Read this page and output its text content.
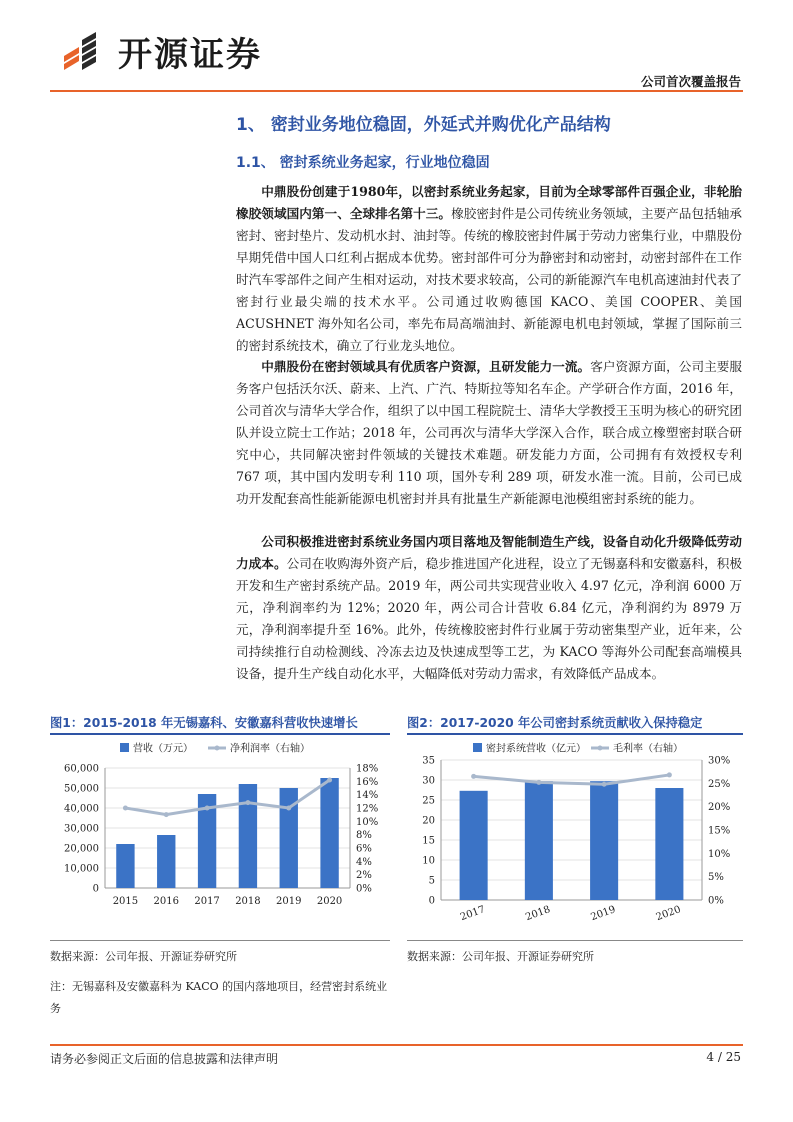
开源证券
公司首次覆盖报告
1、 密封业务地位稳固，外延式并购优化产品结构
1.1、 密封系统业务起家，行业地位稳固
中鼎股份创建于1980年，以密封系统业务起家，目前为全球零部件百强企业，非轮胎橡胶领域国内第一、全球排名第十三。橡胶密封件是公司传统业务领域，主要产品包括轴承密封、密封垫片、发动机水封、油封等。传统的橡胶密封件属于劳动力密集行业，中鼎股份早期凭借中国人口红利占据成本优势。密封部件可分为静密封和动密封，动密封部件在工作时汽车零部件之间产生相对运动，对技术要求较高，公司的新能源汽车电机高速油封代表了密封行业最尖端的技术水平。公司通过收购德国 KACO、美国 COOPER、美国 ACUSHNET 海外知名公司，率先布局高端油封、新能源电机电封领域，掌握了国际前三的密封系统技术，确立了行业龙头地位。
中鼎股份在密封领域具有优质客户资源，且研发能力一流。客户资源方面，公司主要服务客户包括沃尔沃、蔚来、上汽、广汽、特斯拉等知名车企。产学研合作方面，2016 年，公司首次与清华大学合作，组织了以中国工程院院士、清华大学教授王玉明为核心的研究团队并设立院士工作站；2018 年，公司再次与清华大学深入合作，联合成立橡塑密封联合研究中心，共同解决密封件领域的关键技术难题。研发能力方面，公司拥有有效授权专利 767 项，其中国内发明专利 110 项，国外专利 289 项，研发水准一流。目前，公司已成功开发配套高性能新能源电机密封并具有批量生产新能源电池模组密封系统的能力。
公司积极推进密封系统业务国内项目落地及智能制造生产线，设备自动化升级降低劳动力成本。公司在收购海外资产后，稳步推进国产化进程，设立了无锡嘉科和安徽嘉科，积极开发和生产密封系统产品。2019 年，两公司共实现营业收入 4.97 亿元，净利润 6000 万元，净利润率约为 12%；2020 年，两公司合计营收 6.84 亿元，净利润约为 8979 万元，净利润率提升至 16%。此外，传统橡胶密封件行业属于劳动密集型产业，近年来，公司持续推行自动检测线、冷冻去边及快速成型等工艺，为 KACO 等海外公司配套高端模具设备，提升生产线自动化水平，大幅降低对劳动力需求，有效降低产品成本。
图1：2015-2018 年无锡嘉科、安徽嘉科营收快速增长	图2：2017-2020 年公司密封系统贡献收入保持稳定
0
10,000
20,000
30,000
40,000
50,000
60,000
0%
2%
4%
6%
8%
10%
12%
14%
16%
18%
2015 2016 2017 2018 2019 2020
营收（万元）	净利润率（右轴）
0
5
10
15
20
25
30
35
0%
5%
10%
15%
20%
25%
30%
2017	2018	2019	2020
密封系统营收（亿元）	毛利率（右轴）
数据来源：公司年报、开源证券研究所	数据来源：公司年报、开源证券研究所
注：无锡嘉科及安徽嘉科为 KACO 的国内落地项目，经营密封系统业务
请务必参阅正文后面的信息披露和法律声明	4 / 25
